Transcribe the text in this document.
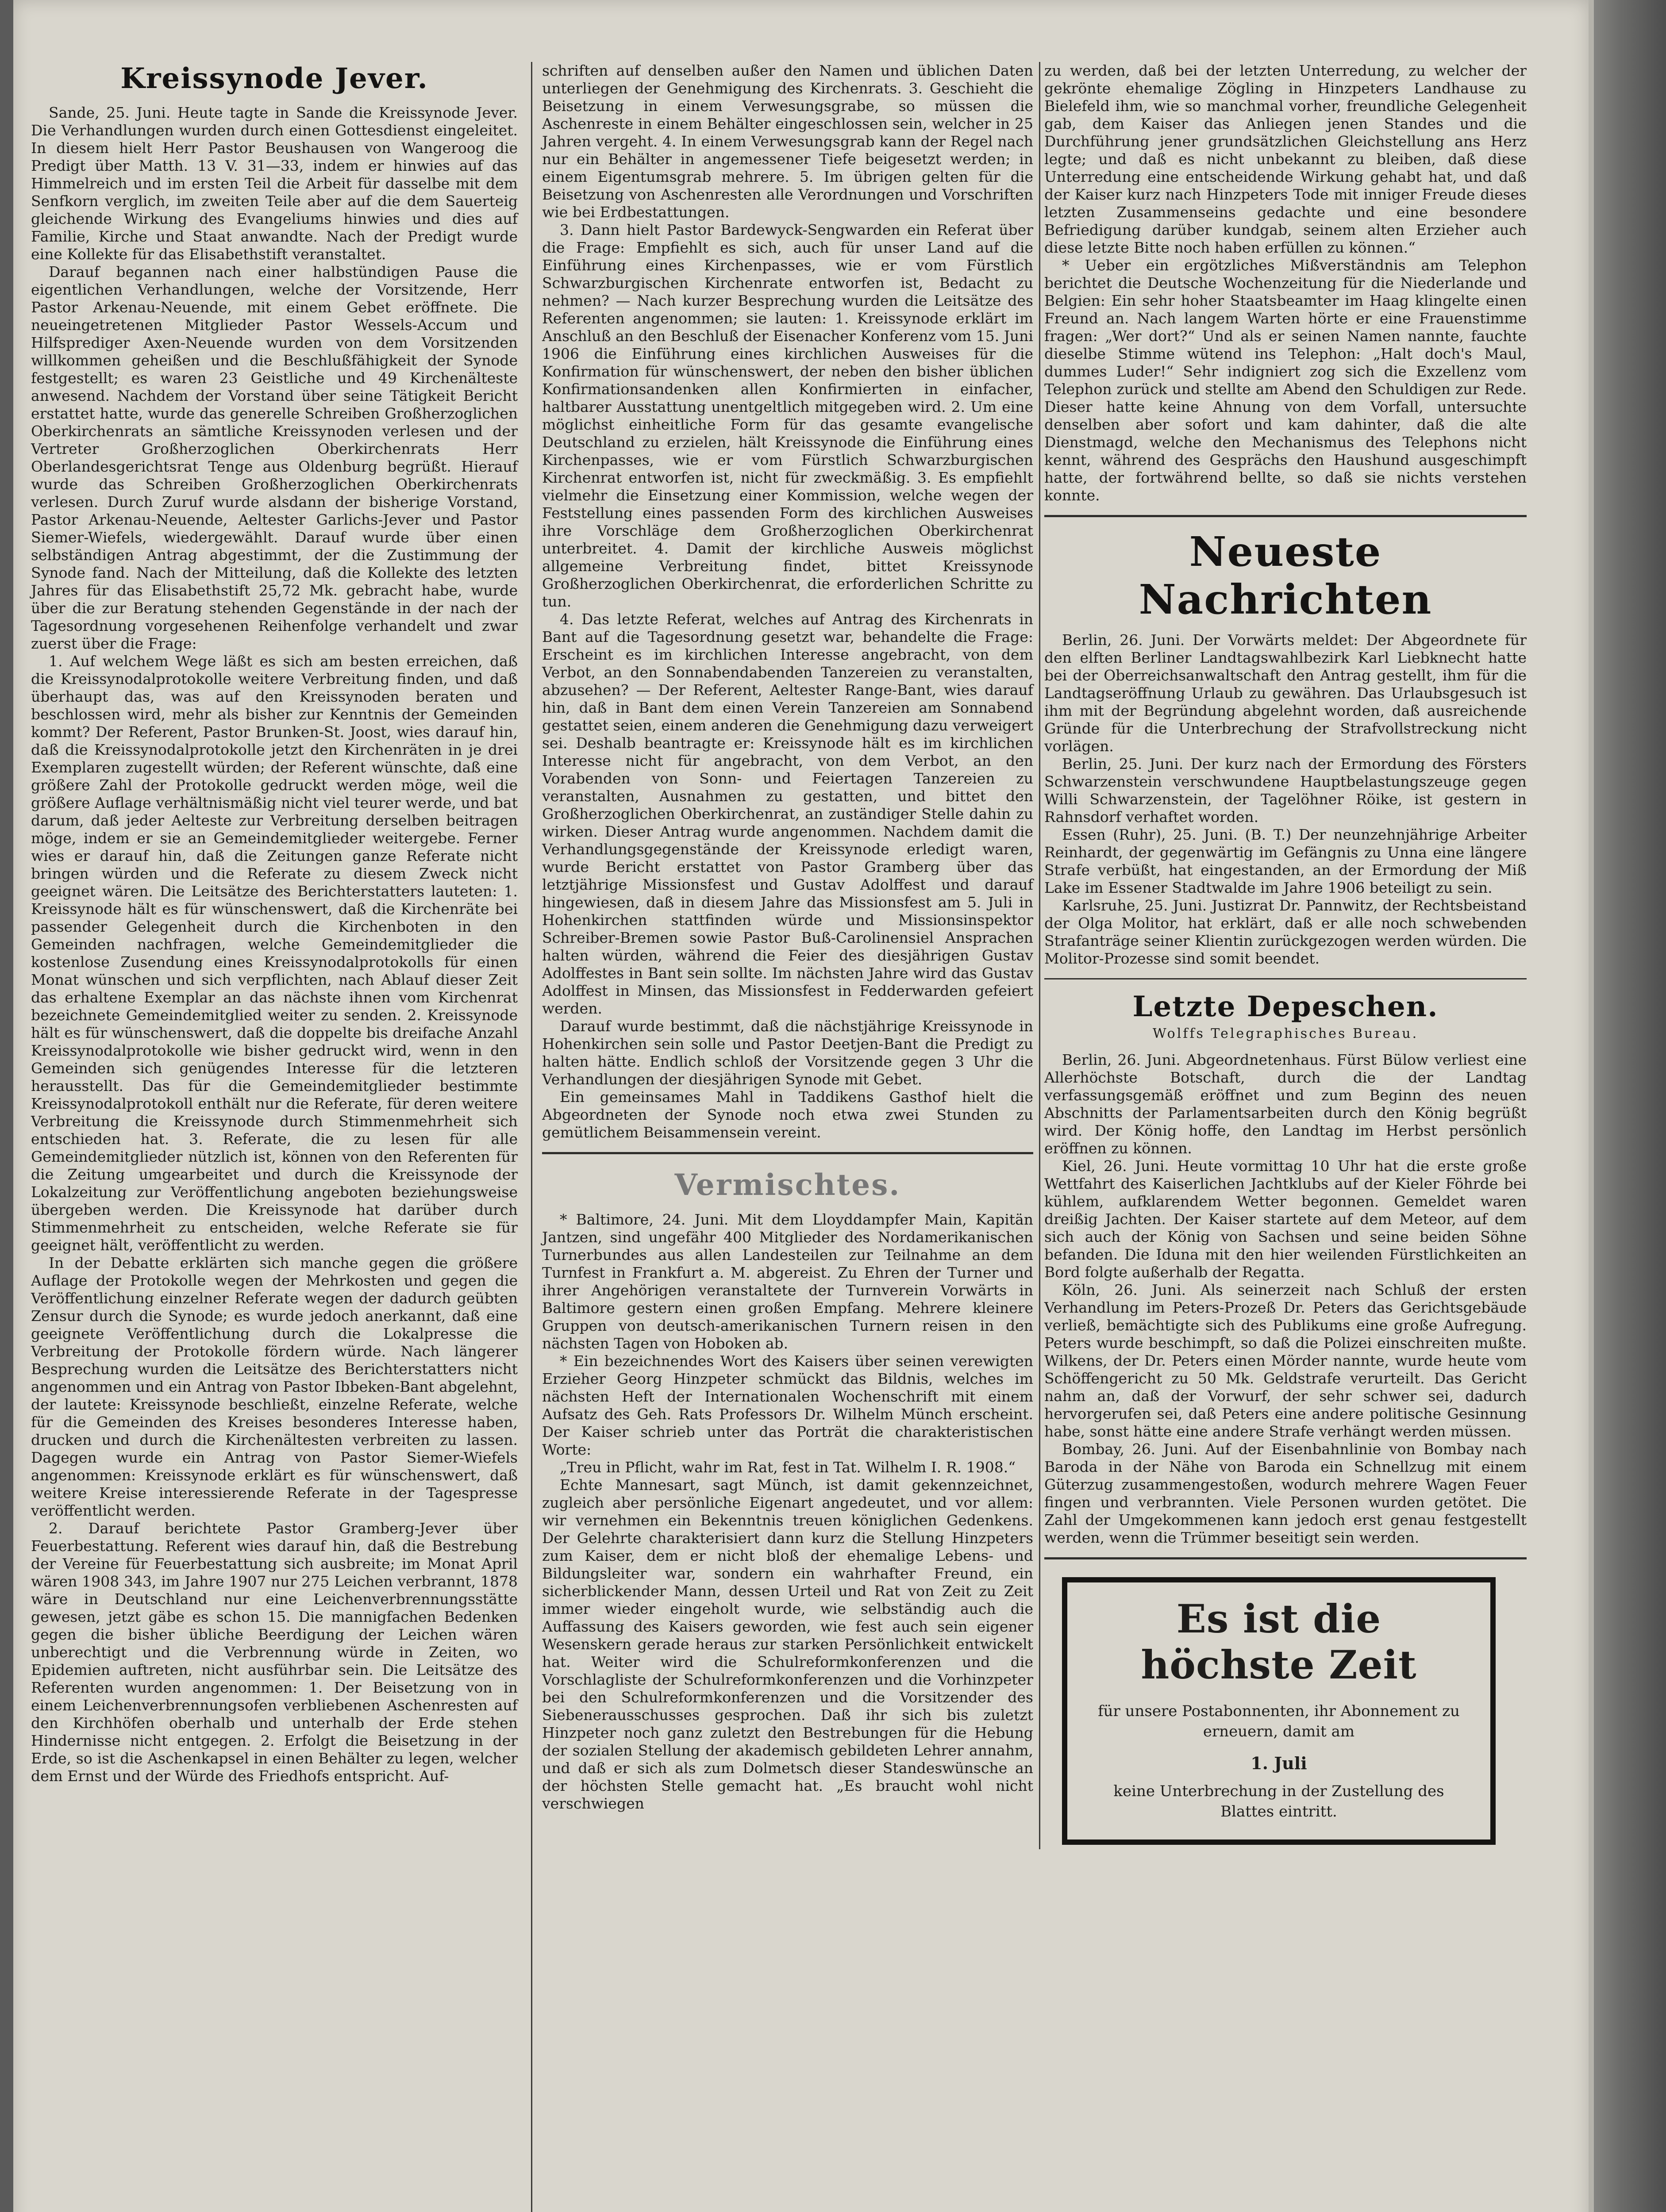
Kreissynode Jever.

Sande, 25. Juni. Heute tagte in Sande die Kreissynode Jever. Die Verhandlungen wurden durch einen Gottesdienst eingeleitet. In diesem hielt Herr Pastor Beushausen von Wangeroog die Predigt über Matth. 13 V. 31—33, indem er hinwies auf das Himmelreich und im ersten Teil die Arbeit für dasselbe mit dem Senfkorn verglich, im zweiten Teile aber auf die dem Sauerteig gleichende Wirkung des Evangeliums hinwies und dies auf Familie, Kirche und Staat anwandte. Nach der Predigt wurde eine Kollekte für das Elisabethstift veranstaltet.

Darauf begannen nach einer halbstündigen Pause die eigentlichen Verhandlungen, welche der Vorsitzende, Herr Pastor Arkenau-Neuende, mit einem Gebet eröffnete. Die neueingetretenen Mitglieder Pastor Wessels-Accum und Hilfsprediger Axen-Neuende wurden von dem Vorsitzenden willkommen geheißen und die Beschlußfähigkeit der Synode festgestellt; es waren 23 Geistliche und 49 Kirchenälteste anwesend. Nachdem der Vorstand über seine Tätigkeit Bericht erstattet hatte, wurde das generelle Schreiben Großherzoglichen Oberkirchenrats an sämtliche Kreissynoden verlesen und der Vertreter Großherzoglichen Oberkirchenrats Herr Oberlandesgerichtsrat Tenge aus Oldenburg begrüßt. Hierauf wurde das Schreiben Großherzoglichen Oberkirchenrats verlesen. Durch Zuruf wurde alsdann der bisherige Vorstand, Pastor Arkenau-Neuende, Aeltester Garlichs-Jever und Pastor Siemer-Wiefels, wiedergewählt. Darauf wurde über einen selbständigen Antrag abgestimmt, der die Zustimmung der Synode fand. Nach der Mitteilung, daß die Kollekte des letzten Jahres für das Elisabethstift 25,72 Mk. gebracht habe, wurde über die zur Beratung stehenden Gegenstände in der nach der Tagesordnung vorgesehenen Reihenfolge verhandelt und zwar zuerst über die Frage:

1. Auf welchem Wege läßt es sich am besten erreichen, daß die Kreissynodalprotokolle weitere Verbreitung finden, und daß überhaupt das, was auf den Kreissynoden beraten und beschlossen wird, mehr als bisher zur Kenntnis der Gemeinden kommt? Der Referent, Pastor Brunken-St. Joost, wies darauf hin, daß die Kreissynodalprotokolle jetzt den Kirchenräten in je drei Exemplaren zugestellt würden; der Referent wünschte, daß eine größere Zahl der Protokolle gedruckt werden möge, weil die größere Auflage verhältnismäßig nicht viel teurer werde, und bat darum, daß jeder Aelteste zur Verbreitung derselben beitragen möge, indem er sie an Gemeindemitglieder weitergebe. Ferner wies er darauf hin, daß die Zeitungen ganze Referate nicht bringen würden und die Referate zu diesem Zweck nicht geeignet wären. Die Leitsätze des Berichterstatters lauteten: 1. Kreissynode hält es für wünschenswert, daß die Kirchenräte bei passender Gelegenheit durch die Kirchenboten in den Gemeinden nachfragen, welche Gemeindemitglieder die kostenlose Zusendung eines Kreissynodalprotokolls für einen Monat wünschen und sich verpflichten, nach Ablauf dieser Zeit das erhaltene Exemplar an das nächste ihnen vom Kirchenrat bezeichnete Gemeindemitglied weiter zu senden. 2. Kreissynode hält es für wünschenswert, daß die doppelte bis dreifache Anzahl Kreissynodalprotokolle wie bisher gedruckt wird, wenn in den Gemeinden sich genügendes Interesse für die letzteren herausstellt. Das für die Gemeindemitglieder bestimmte Kreissynodalprotokoll enthält nur die Referate, für deren weitere Verbreitung die Kreissynode durch Stimmenmehrheit sich entschieden hat. 3. Referate, die zu lesen für alle Gemeindemitglieder nützlich ist, können von den Referenten für die Zeitung umgearbeitet und durch die Kreissynode der Lokalzeitung zur Veröffentlichung angeboten beziehungsweise übergeben werden. Die Kreissynode hat darüber durch Stimmenmehrheit zu entscheiden, welche Referate sie für geeignet hält, veröffentlicht zu werden.

In der Debatte erklärten sich manche gegen die größere Auflage der Protokolle wegen der Mehrkosten und gegen die Veröffentlichung einzelner Referate wegen der dadurch geübten Zensur durch die Synode; es wurde jedoch anerkannt, daß eine geeignete Veröffentlichung durch die Lokalpresse die Verbreitung der Protokolle fördern würde. Nach längerer Besprechung wurden die Leitsätze des Berichterstatters nicht angenommen und ein Antrag von Pastor Ibbeken-Bant abgelehnt, der lautete: Kreissynode beschließt, einzelne Referate, welche für die Gemeinden des Kreises besonderes Interesse haben, drucken und durch die Kirchenältesten verbreiten zu lassen. Dagegen wurde ein Antrag von Pastor Siemer-Wiefels angenommen: Kreissynode erklärt es für wünschenswert, daß weitere Kreise interessierende Referate in der Tagespresse veröffentlicht werden.

2. Darauf berichtete Pastor Gramberg-Jever über Feuerbestattung. Referent wies darauf hin, daß die Bestrebung der Vereine für Feuerbestattung sich ausbreite; im Monat April wären 1908 343, im Jahre 1907 nur 275 Leichen verbrannt, 1878 wäre in Deutschland nur eine Leichenverbrennungsstätte gewesen, jetzt gäbe es schon 15. Die mannigfachen Bedenken gegen die bisher übliche Beerdigung der Leichen wären unberechtigt und die Verbrennung würde in Zeiten, wo Epidemien auftreten, nicht ausführbar sein. Die Leitsätze des Referenten wurden angenommen: 1. Der Beisetzung von in einem Leichenverbrennungsofen verbliebenen Aschenresten auf den Kirchhöfen oberhalb und unterhalb der Erde stehen Hindernisse nicht entgegen. 2. Erfolgt die Beisetzung in der Erde, so ist die Aschenkapsel in einen Behälter zu legen, welcher dem Ernst und der Würde des Friedhofs entspricht. Auf-

schriften auf denselben außer den Namen und üblichen Daten unterliegen der Genehmigung des Kirchenrats. 3. Geschieht die Beisetzung in einem Verwesungsgrabe, so müssen die Aschenreste in einem Behälter eingeschlossen sein, welcher in 25 Jahren vergeht. 4. In einem Verwesungsgrab kann der Regel nach nur ein Behälter in angemessener Tiefe beigesetzt werden; in einem Eigentumsgrab mehrere. 5. Im übrigen gelten für die Beisetzung von Aschenresten alle Verordnungen und Vorschriften wie bei Erdbestattungen.

3. Dann hielt Pastor Bardewyck-Sengwarden ein Referat über die Frage: Empfiehlt es sich, auch für unser Land auf die Einführung eines Kirchenpasses, wie er vom Fürstlich Schwarzburgischen Kirchenrate entworfen ist, Bedacht zu nehmen? — Nach kurzer Besprechung wurden die Leitsätze des Referenten angenommen; sie lauten: 1. Kreissynode erklärt im Anschluß an den Beschluß der Eisenacher Konferenz vom 15. Juni 1906 die Einführung eines kirchlichen Ausweises für die Konfirmation für wünschenswert, der neben den bisher üblichen Konfirmationsandenken allen Konfirmierten in einfacher, haltbarer Ausstattung unentgeltlich mitgegeben wird. 2. Um eine möglichst einheitliche Form für das gesamte evangelische Deutschland zu erzielen, hält Kreissynode die Einführung eines Kirchenpasses, wie er vom Fürstlich Schwarzburgischen Kirchenrat entworfen ist, nicht für zweckmäßig. 3. Es empfiehlt vielmehr die Einsetzung einer Kommission, welche wegen der Feststellung eines passenden Form des kirchlichen Ausweises ihre Vorschläge dem Großherzoglichen Oberkirchenrat unterbreitet. 4. Damit der kirchliche Ausweis möglichst allgemeine Verbreitung findet, bittet Kreissynode Großherzoglichen Oberkirchenrat, die erforderlichen Schritte zu tun.

4. Das letzte Referat, welches auf Antrag des Kirchenrats in Bant auf die Tagesordnung gesetzt war, behandelte die Frage: Erscheint es im kirchlichen Interesse angebracht, von dem Verbot, an den Sonnabendabenden Tanzereien zu veranstalten, abzusehen? — Der Referent, Aeltester Range-Bant, wies darauf hin, daß in Bant dem einen Verein Tanzereien am Sonnabend gestattet seien, einem anderen die Genehmigung dazu verweigert sei. Deshalb beantragte er: Kreissynode hält es im kirchlichen Interesse nicht für angebracht, von dem Verbot, an den Vorabenden von Sonn- und Feiertagen Tanzereien zu veranstalten, Ausnahmen zu gestatten, und bittet den Großherzoglichen Oberkirchenrat, an zuständiger Stelle dahin zu wirken. Dieser Antrag wurde angenommen. Nachdem damit die Verhandlungsgegenstände der Kreissynode erledigt waren, wurde Bericht erstattet von Pastor Gramberg über das letztjährige Missionsfest und Gustav Adolffest und darauf hingewiesen, daß in diesem Jahre das Missionsfest am 5. Juli in Hohenkirchen stattfinden würde und Missionsinspektor Schreiber-Bremen sowie Pastor Buß-Carolinensiel Ansprachen halten würden, während die Feier des diesjährigen Gustav Adolffestes in Bant sein sollte. Im nächsten Jahre wird das Gustav Adolffest in Minsen, das Missionsfest in Fedderwarden gefeiert werden.

Darauf wurde bestimmt, daß die nächstjährige Kreissynode in Hohenkirchen sein solle und Pastor Deetjen-Bant die Predigt zu halten hätte. Endlich schloß der Vorsitzende gegen 3 Uhr die Verhandlungen der diesjährigen Synode mit Gebet.

Ein gemeinsames Mahl in Taddikens Gasthof hielt die Abgeordneten der Synode noch etwa zwei Stunden zu gemütlichem Beisammensein vereint.

Vermischtes.

* Baltimore, 24. Juni. Mit dem Lloyddampfer Main, Kapitän Jantzen, sind ungefähr 400 Mitglieder des Nordamerikanischen Turnerbundes aus allen Landesteilen zur Teilnahme an dem Turnfest in Frankfurt a. M. abgereist. Zu Ehren der Turner und ihrer Angehörigen veranstaltete der Turnverein Vorwärts in Baltimore gestern einen großen Empfang. Mehrere kleinere Gruppen von deutsch-amerikanischen Turnern reisen in den nächsten Tagen von Hoboken ab.

* Ein bezeichnendes Wort des Kaisers über seinen verewigten Erzieher Georg Hinzpeter schmückt das Bildnis, welches im nächsten Heft der Internationalen Wochenschrift mit einem Aufsatz des Geh. Rats Professors Dr. Wilhelm Münch erscheint. Der Kaiser schrieb unter das Porträt die charakteristischen Worte:

„Treu in Pflicht, wahr im Rat, fest in Tat. Wilhelm I. R. 1908.“

Echte Mannesart, sagt Münch, ist damit gekennzeichnet, zugleich aber persönliche Eigenart angedeutet, und vor allem: wir vernehmen ein Bekenntnis treuen königlichen Gedenkens. Der Gelehrte charakterisiert dann kurz die Stellung Hinzpeters zum Kaiser, dem er nicht bloß der ehemalige Lebens- und Bildungsleiter war, sondern ein wahrhafter Freund, ein sicherblickender Mann, dessen Urteil und Rat von Zeit zu Zeit immer wieder eingeholt wurde, wie selbständig auch die Auffassung des Kaisers geworden, wie fest auch sein eigener Wesenskern gerade heraus zur starken Persönlichkeit entwickelt hat. Weiter wird die Schulreformkonferenzen und die Vorschlagliste der Schulreformkonferenzen und die Vorhinzpeter bei den Schulreformkonferenzen und die Vorsitzender des Siebenerausschusses gesprochen. Daß ihr sich bis zuletzt Hinzpeter noch ganz zuletzt den Bestrebungen für die Hebung der sozialen Stellung der akademisch gebildeten Lehrer annahm, und daß er sich als zum Dolmetsch dieser Standeswünsche an der höchsten Stelle gemacht hat. „Es braucht wohl nicht verschwiegen

zu werden, daß bei der letzten Unterredung, zu welcher der gekrönte ehemalige Zögling in Hinzpeters Landhause zu Bielefeld ihm, wie so manchmal vorher, freundliche Gelegenheit gab, dem Kaiser das Anliegen jenen Standes und die Durchführung jener grundsätzlichen Gleichstellung ans Herz legte; und daß es nicht unbekannt zu bleiben, daß diese Unterredung eine entscheidende Wirkung gehabt hat, und daß der Kaiser kurz nach Hinzpeters Tode mit inniger Freude dieses letzten Zusammenseins gedachte und eine besondere Befriedigung darüber kundgab, seinem alten Erzieher auch diese letzte Bitte noch haben erfüllen zu können.“

* Ueber ein ergötzliches Mißverständnis am Telephon berichtet die Deutsche Wochenzeitung für die Niederlande und Belgien: Ein sehr hoher Staatsbeamter im Haag klingelte einen Freund an. Nach langem Warten hörte er eine Frauenstimme fragen: „Wer dort?“ Und als er seinen Namen nannte, fauchte dieselbe Stimme wütend ins Telephon: „Halt doch's Maul, dummes Luder!“ Sehr indigniert zog sich die Exzellenz vom Telephon zurück und stellte am Abend den Schuldigen zur Rede. Dieser hatte keine Ahnung von dem Vorfall, untersuchte denselben aber sofort und kam dahinter, daß die alte Dienstmagd, welche den Mechanismus des Telephons nicht kennt, während des Gesprächs den Haushund ausgeschimpft hatte, der fortwährend bellte, so daß sie nichts verstehen konnte.

Neueste Nachrichten

Berlin, 26. Juni. Der Vorwärts meldet: Der Abgeordnete für den elften Berliner Landtagswahlbezirk Karl Liebknecht hatte bei der Oberreichsanwaltschaft den Antrag gestellt, ihm für die Landtagseröffnung Urlaub zu gewähren. Das Urlaubsgesuch ist ihm mit der Begründung abgelehnt worden, daß ausreichende Gründe für die Unterbrechung der Strafvollstreckung nicht vorlägen.

Berlin, 25. Juni. Der kurz nach der Ermordung des Försters Schwarzenstein verschwundene Hauptbelastungszeuge gegen Willi Schwarzenstein, der Tagelöhner Röike, ist gestern in Rahnsdorf verhaftet worden.

Essen (Ruhr), 25. Juni. (B. T.) Der neunzehnjährige Arbeiter Reinhardt, der gegenwärtig im Gefängnis zu Unna eine längere Strafe verbüßt, hat eingestanden, an der Ermordung der Miß Lake im Essener Stadtwalde im Jahre 1906 beteiligt zu sein.

Karlsruhe, 25. Juni. Justizrat Dr. Pannwitz, der Rechtsbeistand der Olga Molitor, hat erklärt, daß er alle noch schwebenden Strafanträge seiner Klientin zurückgezogen werden würden. Die Molitor-Prozesse sind somit beendet.

Letzte Depeschen.
Wolffs Telegraphisches Bureau.

Berlin, 26. Juni. Abgeordnetenhaus. Fürst Bülow verliest eine Allerhöchste Botschaft, durch die der Landtag verfassungsgemäß eröffnet und zum Beginn des neuen Abschnitts der Parlamentsarbeiten durch den König begrüßt wird. Der König hoffe, den Landtag im Herbst persönlich eröffnen zu können.

Kiel, 26. Juni. Heute vormittag 10 Uhr hat die erste große Wettfahrt des Kaiserlichen Jachtklubs auf der Kieler Föhrde bei kühlem, aufklarendem Wetter begonnen. Gemeldet waren dreißig Jachten. Der Kaiser startete auf dem Meteor, auf dem sich auch der König von Sachsen und seine beiden Söhne befanden. Die Iduna mit den hier weilenden Fürstlichkeiten an Bord folgte außerhalb der Regatta.

Köln, 26. Juni. Als seinerzeit nach Schluß der ersten Verhandlung im Peters-Prozeß Dr. Peters das Gerichtsgebäude verließ, bemächtigte sich des Publikums eine große Aufregung. Peters wurde beschimpft, so daß die Polizei einschreiten mußte. Wilkens, der Dr. Peters einen Mörder nannte, wurde heute vom Schöffengericht zu 50 Mk. Geldstrafe verurteilt. Das Gericht nahm an, daß der Vorwurf, der sehr schwer sei, dadurch hervorgerufen sei, daß Peters eine andere politische Gesinnung habe, sonst hätte eine andere Strafe verhängt werden müssen.

Bombay, 26. Juni. Auf der Eisenbahnlinie von Bombay nach Baroda in der Nähe von Baroda ein Schnellzug mit einem Güterzug zusammengestoßen, wodurch mehrere Wagen Feuer fingen und verbrannten. Viele Personen wurden getötet. Die Zahl der Umgekommenen kann jedoch erst genau festgestellt werden, wenn die Trümmer beseitigt sein werden.

Es ist die höchste Zeit
für unsere Postabonnenten, ihr Abonnement zu erneuern, damit am
1. Juli
keine Unterbrechung in der Zustellung des Blattes eintritt.
